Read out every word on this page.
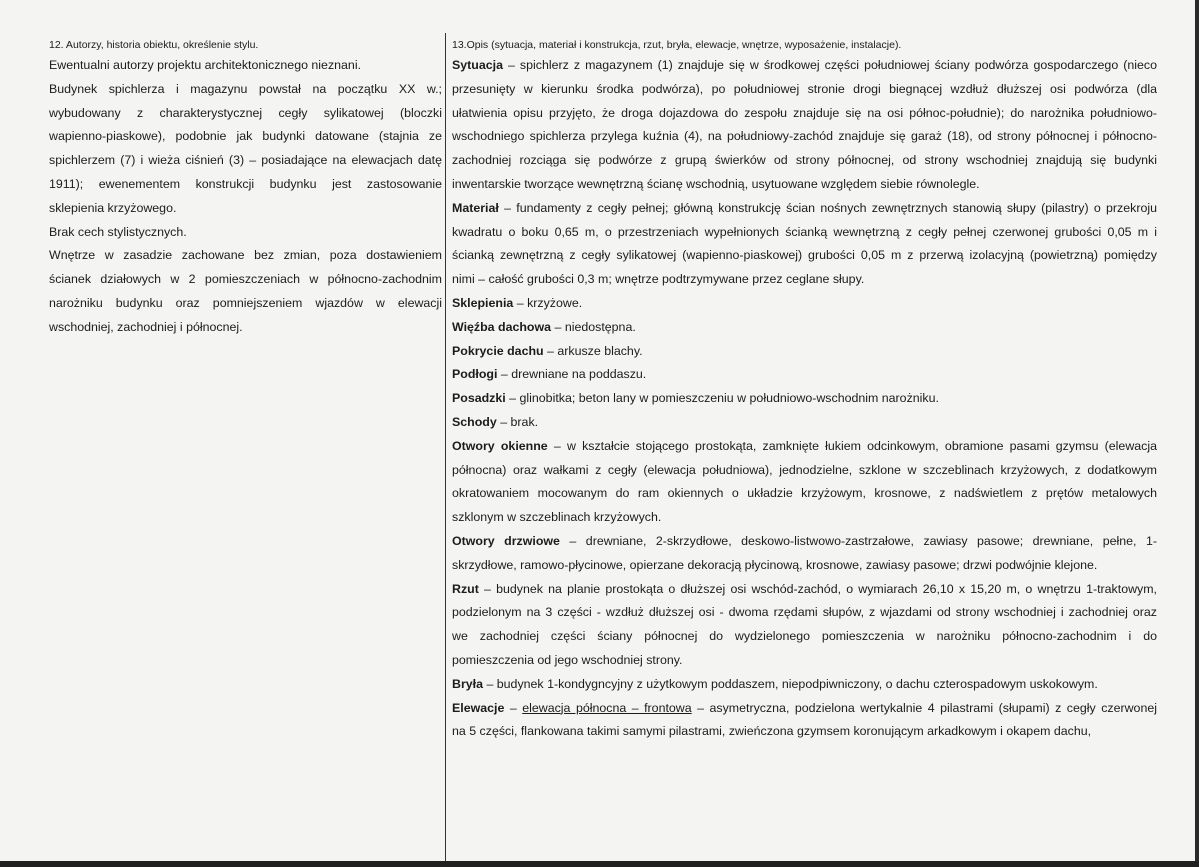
12. Autorzy, historia obiektu, określenie stylu.
Ewentualni autorzy projektu architektonicznego nieznani.
Budynek spichlerza i magazynu powstał na początku XX w.;
wybudowany z charakterystycznej cegły sylikatowej (bloczki
wapienno-piaskowe), podobnie jak budynki datowane (stajnia ze
spichlerzem (7) i wieża ciśnień (3) – posiadające na elewacjach datę
1911); ewenementem konstrukcji budynku jest zastosowanie
sklepienia krzyżowego.
Brak cech stylistycznych.
Wnętrze w zasadzie zachowane bez zmian, poza dostawieniem
ścianek działowych w 2 pomieszczeniach w północno-zachodnim
narożniku budynku oraz pomniejszeniem wjazdów w elewacji
wschodniej, zachodniej i północnej.
13.Opis (sytuacja, materiał i konstrukcja, rzut, bryła, elewacje, wnętrze, wyposażenie, instalacje).
Sytuacja – spichlerz z magazynem (1) znajduje się w środkowej części południowej ściany podwórza gospodarczego (nieco
przesunięty w kierunku środka podwórza), po południowej stronie drogi biegnącej wzdłuż dłuższej osi podwórza (dla
ułatwienia opisu przyjęto, że droga dojazdowa do zespołu znajduje się na osi północ-południe); do narożnika południowo-
wschodniego spichlerza przylega kuźnia (4), na południowy-zachód znajduje się garaż (18), od strony północnej i północno-
zachodniej rozciąga się podwórze z grupą świerków od strony północnej, od strony wschodniej znajdują się budynki
inwentarskie tworzące wewnętrzną ścianę wschodnią, usytuowane względem siebie równolegle.
Materiał – fundamenty z cegły pełnej; główną konstrukcję ścian nośnych zewnętrznych stanowią słupy (pilastry) o przekroju
kwadratu o boku 0,65 m, o przestrzeniach wypełnionych ścianką wewnętrzną z cegły pełnej czerwonej grubości 0,05 m i
ścianką zewnętrzną z cegły sylikatowej (wapienno-piaskowej) grubości 0,05 m z przerwą izolacyjną (powietrzną) pomiędzy
nimi – całość grubości 0,3 m; wnętrze podtrzymywane przez ceglane słupy.
Sklepienia – krzyżowe.
Więźba dachowa – niedostępna.
Pokrycie dachu – arkusze blachy.
Podłogi – drewniane na poddaszu.
Posadzki – glinobitka; beton lany w pomieszczeniu w południowo-wschodnim narożniku.
Schody – brak.
Otwory okienne – w kształcie stojącego prostokąta, zamknięte łukiem odcinkowym, obramione pasami gzymsu (elewacja
północna) oraz wałkami z cegły (elewacja południowa), jednodzielne, szklone w szczeblinach krzyżowych, z dodatkowym
okratowaniem mocowanym do ram okiennych o układzie krzyżowym, krosnowe, z nadświetlem z prętów metalowych
szklonym w szczeblinach krzyżowych.
Otwory drzwiowe – drewniane, 2-skrzydłowe, deskowo-listwowo-zastrzałowe, zawiasy pasowe; drewniane, pełne, 1-
skrzydłowe, ramowo-płycinowe, opierzane dekoracją płycinową, krosnowe, zawiasy pasowe; drzwi podwójnie klejone.
Rzut – budynek na planie prostokąta o dłuższej osi wschód-zachód, o wymiarach 26,10 x 15,20 m, o wnętrzu 1-traktowym,
podzielonym na 3 części - wzdłuż dłuższej osi - dwoma rzędami słupów, z wjazdami od strony wschodniej i zachodniej oraz
we zachodniej części ściany północnej do wydzielonego pomieszczenia w narożniku północno-zachodnim i do
pomieszczenia od jego wschodniej strony.
Bryła – budynek 1-kondygncyjny z użytkowym poddaszem, niepodpiwniczony, o dachu czterospadowym uskokowym.
Elewacje – elewacja północna – frontowa – asymetryczna, podzielona wertykalnie 4 pilastrami (słupami) z cegły czerwonej
na 5 części, flankowana takimi samymi pilastrami, zwieńczona gzymsem koronującym arkadkowym i okapem dachu,
